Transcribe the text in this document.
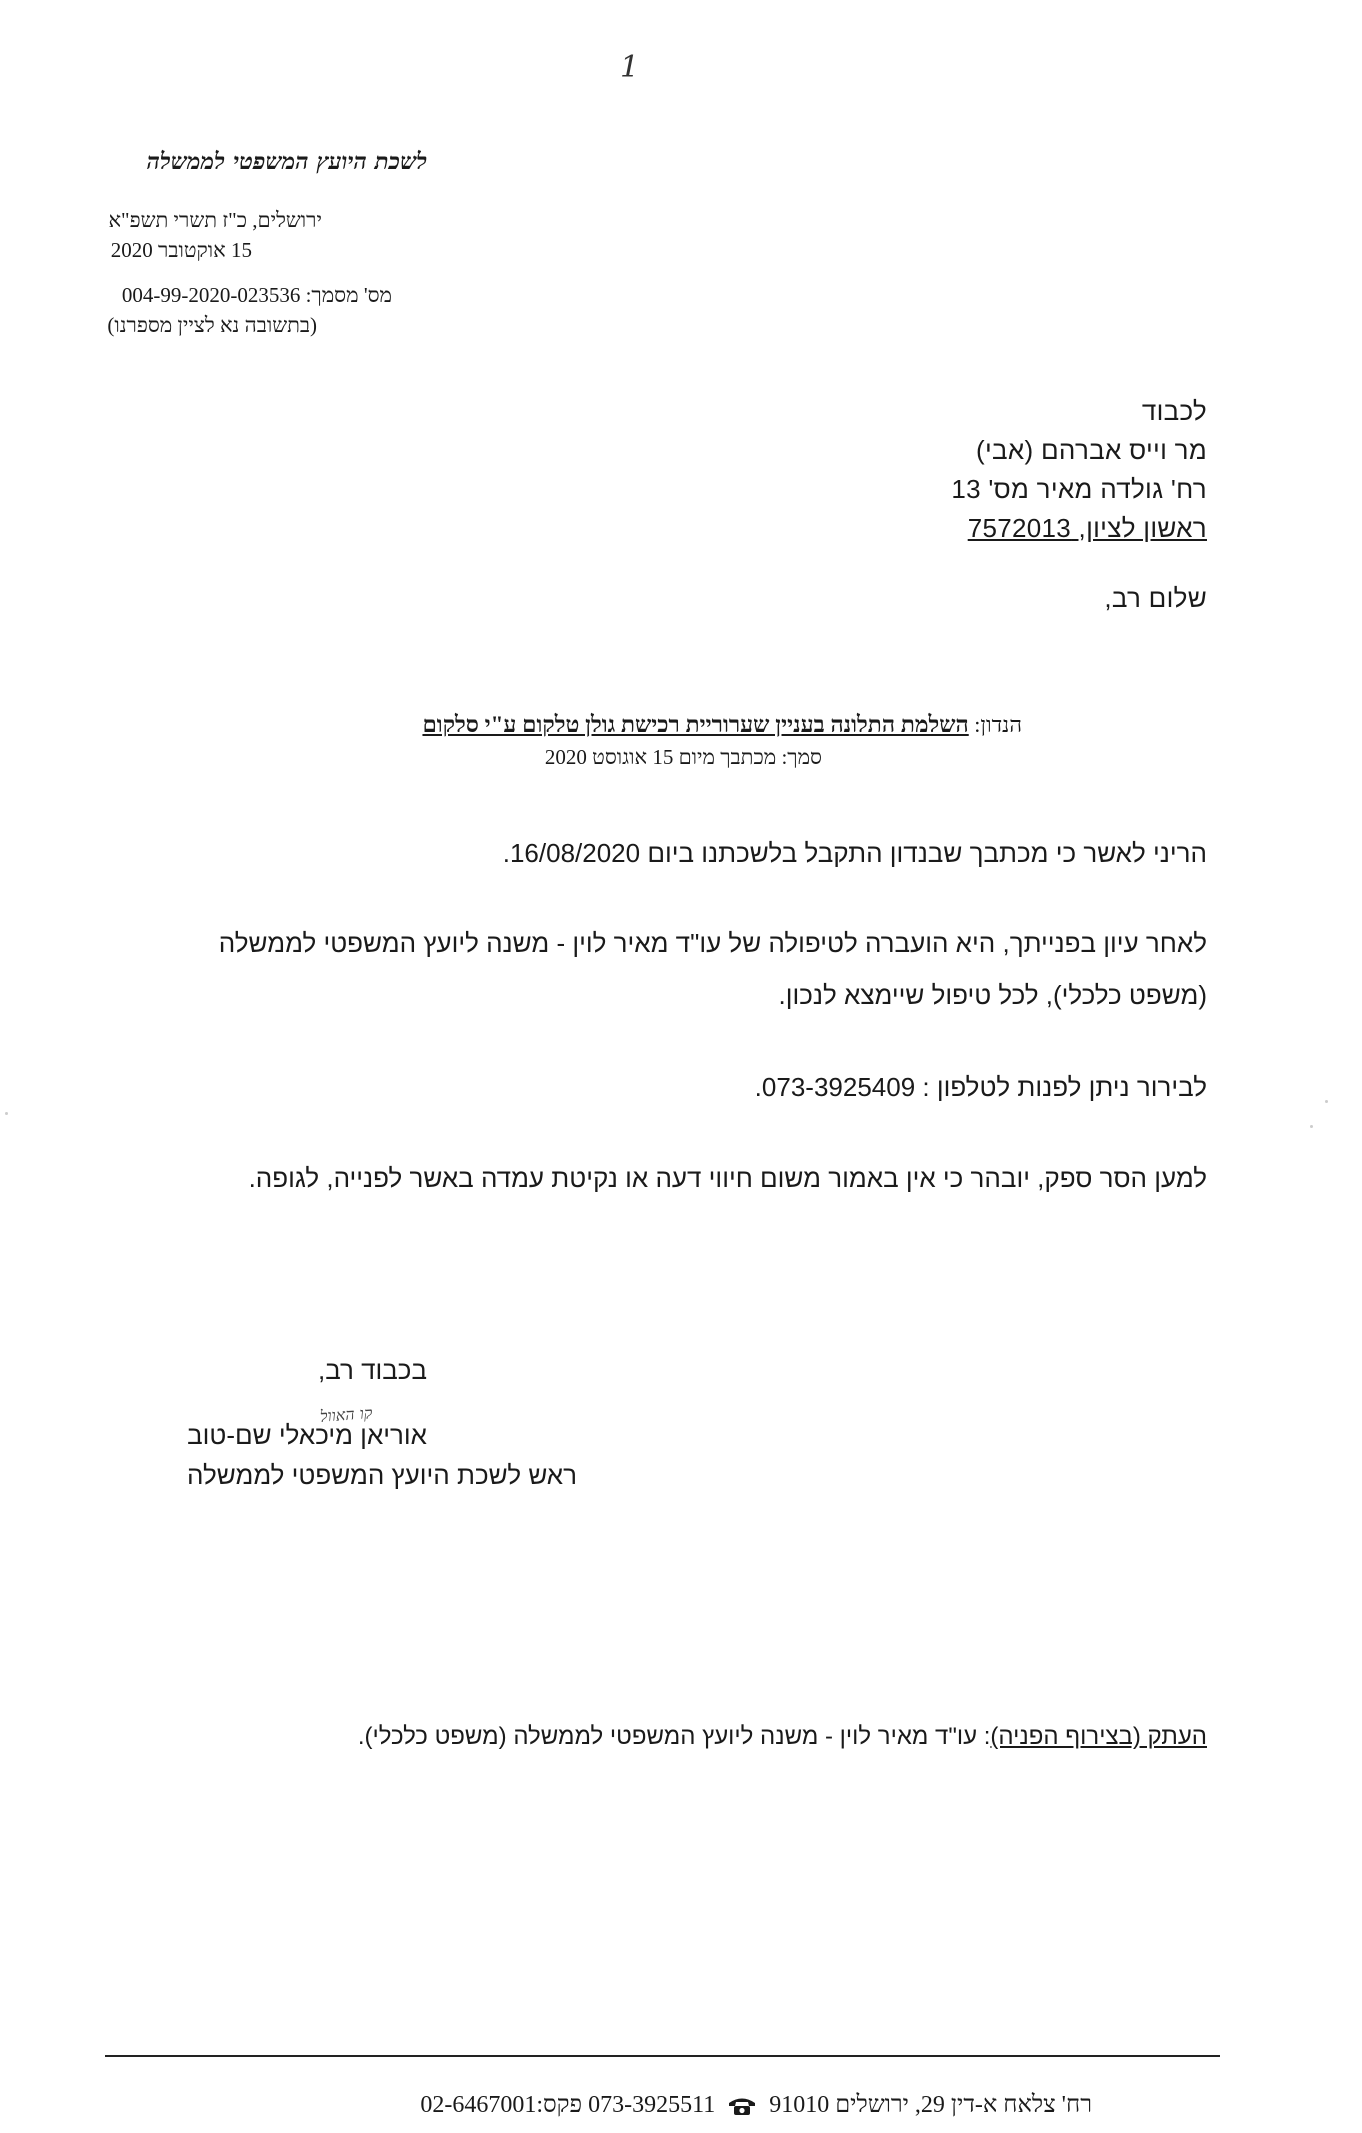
1
לשכת היועץ המשפטי לממשלה
ירושלים, כ"ז תשרי תשפ"א
15 אוקטובר 2020
מס' מסמך: 004-99-2020-023536
(בתשובה נא לציין מספרנו)
לכבוד
מר וייס אברהם (אבי)
רח' גולדה מאיר מס' 13
ראשון לציון, 7572013
שלום רב,
הנדון: השלמת התלונה בעניין שערוריית רכישת גולן טלקום ע"י סלקום
סמך: מכתבך מיום 15 אוגוסט 2020
הריני לאשר כי מכתבך שבנדון התקבל בלשכתנו ביום 16/08/2020.
לאחר עיון בפנייתך, היא הועברה לטיפולה של עו"ד מאיר לוין - משנה ליועץ המשפטי לממשלה
(משפט כלכלי), לכל טיפול שיימצא לנכון.
לבירור ניתן לפנות לטלפון : 073-3925409.
למען הסר ספק, יובהר כי אין באמור משום חיווי דעה או נקיטת עמדה באשר לפנייה, לגופה.
בכבוד רב,
קו האוול
אוריאן מיכאלי שם-טוב
ראש לשכת היועץ המשפטי לממשלה
העתק (בצירוף הפניה): עו"ד מאיר לוין - משנה ליועץ המשפטי לממשלה (משפט כלכלי).
רח' צלאח א-דין 29, ירושלים 91010  073-3925511 פקס:02-6467001
